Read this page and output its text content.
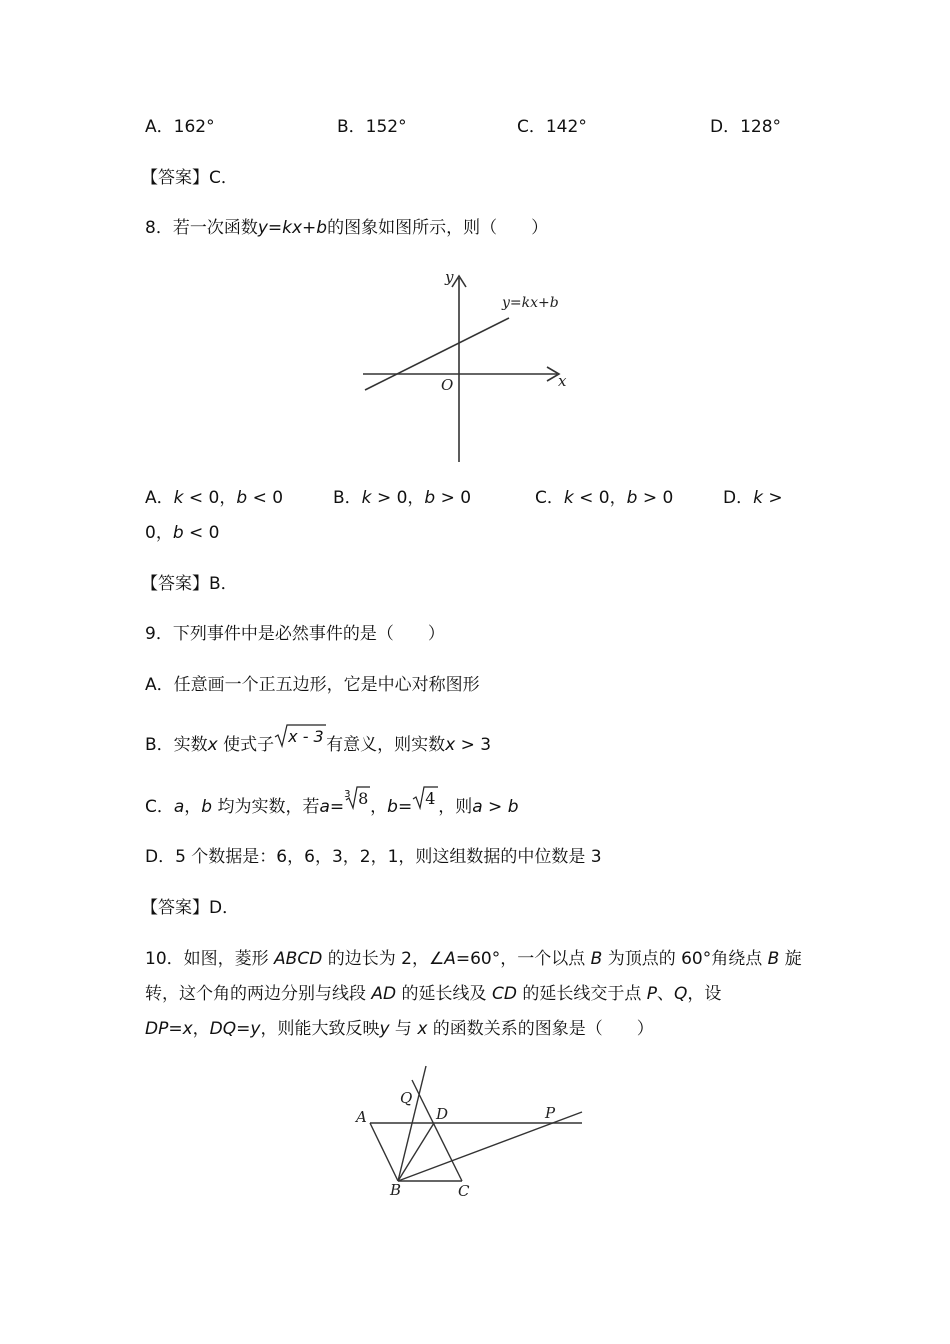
A．162°	B．152°	C．142°	D．128°
【答案】C．
8．若一次函数y=kx+b的图象如图所示，则（　　）
y
x
O
y=kx+b
A．k < 0，b < 0	B．k > 0，b > 0	C．k < 0，b > 0	D．k >
0，b < 0
【答案】B．
9．下列事件中是必然事件的是（　　）
A．任意画一个正五边形，它是中心对称图形
B．实数x 使式子 x - 3 有意义，则实数x > 3
C．a，b 均为实数，若a=
3 8 ，b= 4 ，则a > b
D．5 个数据是：6，6，3，2，1，则这组数据的中位数是 3
【答案】D．
10．如图，菱形 ABCD 的边长为 2，∠A=60°，一个以点 B 为顶点的 60°角绕点 B 旋
转，这个角的两边分别与线段 AD 的延长线及 CD 的延长线交于点 P、Q，设
DP=x，DQ=y，则能大致反映y 与 x 的函数关系的图象是（　　）
A
B	C
D	P
Q
